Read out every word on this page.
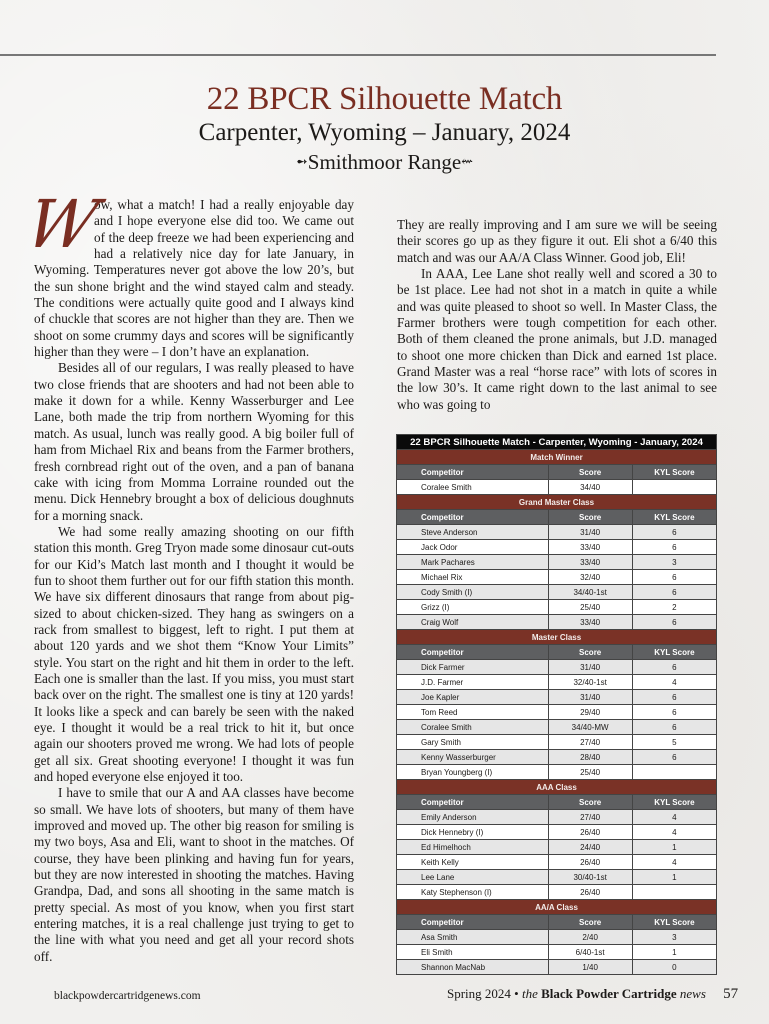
22 BPCR Silhouette Match
Carpenter, Wyoming – January, 2024
➻Smithmoor Range⇜

W
ow, what a match! I had a really enjoyable day and I hope everyone else did too. We came out of the deep freeze we had been experiencing and had a relatively nice day for late January, in Wyoming. Temperatures never got above the low 20’s, but the sun shone bright and the wind stayed calm and steady. The conditions were actually quite good and I always kind of chuckle that scores are not higher than they are. Then we shoot on some crummy days and scores will be significantly higher than they were – I don’t have an explanation.

Besides all of our regulars, I was really pleased to have two close friends that are shooters and had not been able to make it down for a while. Kenny Wasserburger and Lee Lane, both made the trip from northern Wyoming for this match. As usual, lunch was really good. A big boiler full of ham from Michael Rix and beans from the Farmer brothers, fresh cornbread right out of the oven, and a pan of banana cake with icing from Momma Lorraine rounded out the menu. Dick Hennebry brought a box of delicious doughnuts for a morning snack.

We had some really amazing shooting on our fifth station this month. Greg Tryon made some dinosaur cut-outs for our Kid’s Match last month and I thought it would be fun to shoot them further out for our fifth station this month. We have six different dinosaurs that range from about pig-sized to about chicken-sized. They hang as swingers on a rack from smallest to biggest, left to right. I put them at about 120 yards and we shot them “Know Your Limits” style. You start on the right and hit them in order to the left. Each one is smaller than the last. If you miss, you must start back over on the right. The smallest one is tiny at 120 yards! It looks like a speck and can barely be seen with the naked eye. I thought it would be a real trick to hit it, but once again our shooters proved me wrong. We had lots of people get all six. Great shooting everyone! I thought it was fun and hoped everyone else enjoyed it too.

I have to smile that our A and AA classes have become so small. We have lots of shooters, but many of them have improved and moved up. The other big reason for smiling is my two boys, Asa and Eli, want to shoot in the matches. Of course, they have been plinking and having fun for years, but they are now interested in shooting the matches. Having Grandpa, Dad, and sons all shooting in the same match is pretty special. As most of you know, when you first start entering matches, it is a real challenge just trying to get to the line with what you need and get all your record shots off.

They are really improving and I am sure we will be seeing their scores go up as they figure it out. Eli shot a 6/40 this match and was our AA/A Class Winner. Good job, Eli!

In AAA, Lee Lane shot really well and scored a 30 to be 1st place. Lee had not shot in a match in quite a while and was quite pleased to shoot so well. In Master Class, the Farmer brothers were tough competition for each other. Both of them cleaned the prone animals, but J.D. managed to shoot one more chicken than Dick and earned 1st place. Grand Master was a real “horse race” with lots of scores in the low 30’s. It came right down to the last animal to see who was going to

22 BPCR Silhouette Match - Carpenter, Wyoming - January, 2024		
Match Winner		
Competitor	Score	KYL Score
Coralee Smith	34/40	
Grand Master Class		
Competitor	Score	KYL Score
Steve Anderson	31/40	6
Jack Odor	33/40	6
Mark Pachares	33/40	3
Michael Rix	32/40	6
Cody Smith (I)	34/40-1st	6
Grizz (I)	25/40	2
Craig Wolf	33/40	6
Master Class		
Competitor	Score	KYL Score
Dick Farmer	31/40	6
J.D. Farmer	32/40-1st	4
Joe Kapler	31/40	6
Tom Reed	29/40	6
Coralee Smith	34/40-MW	6
Gary Smith	27/40	5
Kenny Wasserburger	28/40	6
Bryan Youngberg (I)	25/40	
AAA Class		
Competitor	Score	KYL Score
Emily Anderson	27/40	4
Dick Hennebry (I)	26/40	4
Ed Himelhoch	24/40	1
Keith Kelly	26/40	4
Lee Lane	30/40-1st	1
Katy Stephenson (I)	26/40	
AA/A Class		
Competitor	Score	KYL Score
Asa Smith	2/40	3
Eli Smith	6/40-1st	1
Shannon MacNab	1/40	0
blackpowdercartridgenews.com	Spring 2024 • the Black Powder Cartridge news 57
